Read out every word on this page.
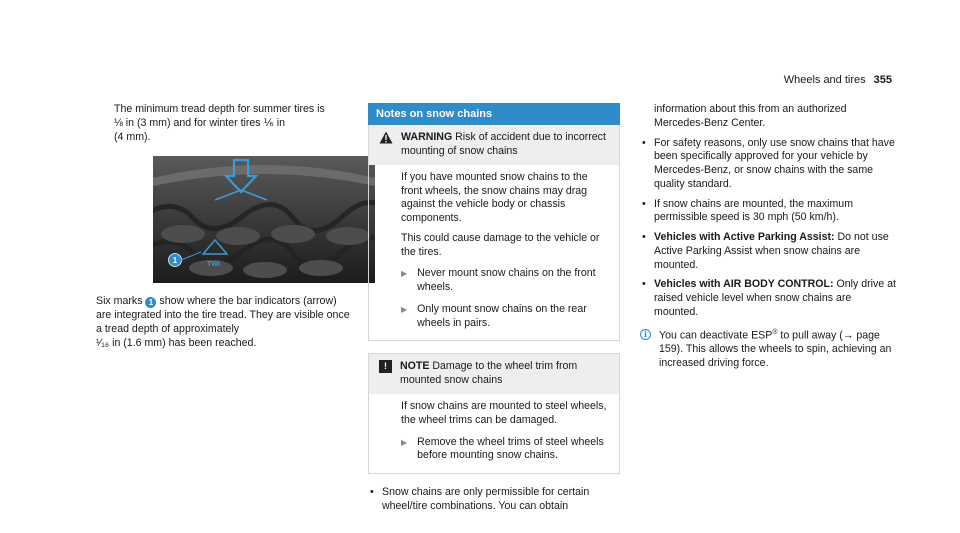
Wheels and tires 355
The minimum tread depth for summer tires is
⅛ in (3 mm) and for winter tires ⅙ in
(4 mm).
TWI
1
Six marks 1 show where the bar indicators (arrow) are integrated into the tire tread. They are visible once a tread depth of approximately
¹⁄₁₆ in (1.6 mm) has been reached.
Notes on snow chains
WARNING Risk of accident due to incorrect mounting of snow chains

If you have mounted snow chains to the front wheels, the snow chains may drag against the vehicle body or chassis components.

This could cause damage to the vehicle or the tires.

▶ Never mount snow chains on the front wheels.
▶ Only mount snow chains on the rear wheels in pairs.
!	NOTE Damage to the wheel trim from mounted snow chains

If snow chains are mounted to steel wheels, the wheel trims can be damaged.

▶ Remove the wheel trims of steel wheels before mounting snow chains.
• Snow chains are only permissible for certain wheel/tire combinations. You can obtain

information about this from an authorized Mercedes-Benz Center.

• For safety reasons, only use snow chains that have been specifically approved for your vehicle by Mercedes-Benz, or snow chains with the same quality standard.
• If snow chains are mounted, the maximum permissible speed is 30 mph (50 km/h).
• Vehicles with Active Parking Assist: Do not use Active Parking Assist when snow chains are mounted.
• Vehicles with AIR BODY CONTROL: Only drive at raised vehicle level when snow chains are mounted.
i	You can deactivate ESP® to pull away (→ page 159). This allows the wheels to spin, achieving an increased driving force.
